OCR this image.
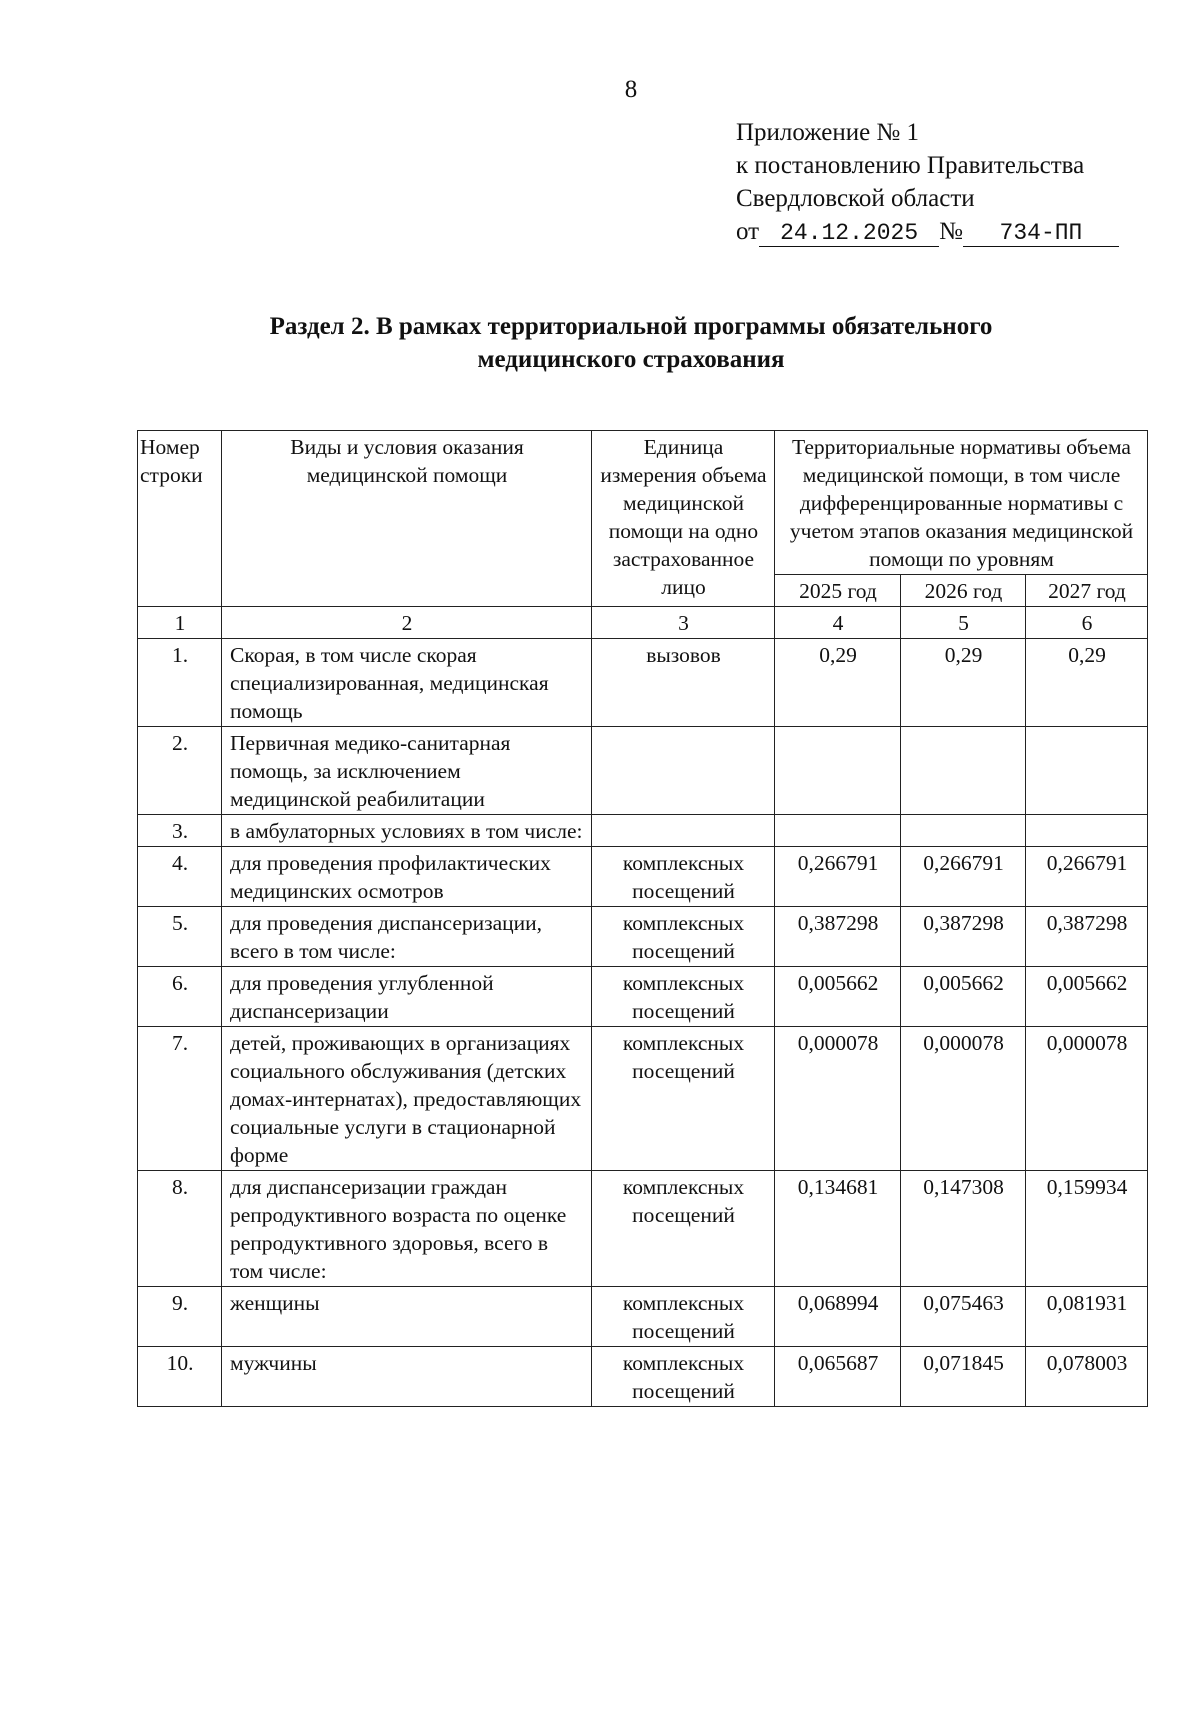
8
Приложение № 1
к постановлению Правительства
Свердловской области
от 24.12.2025 № 734-ПП
Раздел 2. В рамках территориальной программы обязательного
медицинского страхования
Номер строки	Виды и условия оказания медицинской помощи	Единица измерения объема медицинской помощи на одно застрахованное лицо	Территориальные нормативы объема медицинской помощи, в том числе дифференцированные нормативы с учетом этапов оказания медицинской помощи по уровням		
			2025 год	2026 год	2027 год
1	2	3	4	5	6
1.	Скорая, в том числе скорая специализированная, медицинская помощь	вызовов	0,29	0,29	0,29
2.	Первичная медико-санитарная помощь, за исключением медицинской реабилитации				
3.	в амбулаторных условиях в том числе:				
4.	для проведения профилактических медицинских осмотров	комплексных посещений	0,266791	0,266791	0,266791
5.	для проведения диспансеризации, всего в том числе:	комплексных посещений	0,387298	0,387298	0,387298
6.	для проведения углубленной диспансеризации	комплексных посещений	0,005662	0,005662	0,005662
7.	детей, проживающих в организациях социального обслуживания (детских домах-интернатах), предоставляющих социальные услуги в стационарной форме	комплексных посещений	0,000078	0,000078	0,000078
8.	для диспансеризации граждан репродуктивного возраста по оценке репродуктивного здоровья, всего в том числе:	комплексных посещений	0,134681	0,147308	0,159934
9.	женщины	комплексных посещений	0,068994	0,075463	0,081931
10.	мужчины	комплексных посещений	0,065687	0,071845	0,078003
